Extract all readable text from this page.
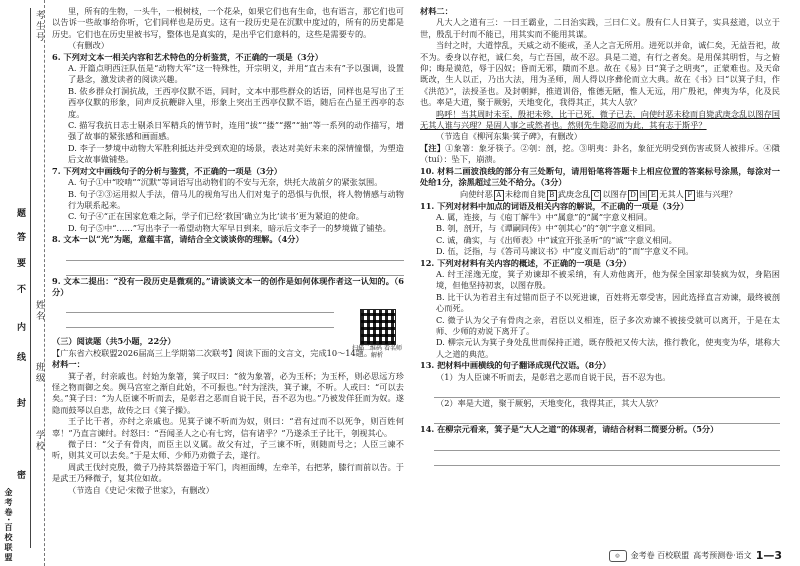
考生号
题
答
要
不
姓名
内
班级
线
封
学校
密
金考卷·百校联盟

里，所有的生物，一头牛，一根树枝，一个花朵，如果它们也有生命，也有语言，那它们也可以告诉一些故事给你听，它们同样也是历史。这有一段历史是在沉默中度过的，所有的历史都是历史。它们也在历史里被书写，整体也是真实的，是出乎它们意料的，这些是需要专的。

（有删改）

6. 下列对文本一相关内容和艺术特色的分析鉴赏，不正确的一项是（3分）

A. 开篇点明西汪队伍是“动物大军”这一特殊性，开宗明义，并用“直古未有”予以强调，设置了悬念，激发读者的阅读兴趣。

B. 依乡群众打洞抗战，王西亭仪默不语，同时，文本中那些群众的话语，同样也是写出了王西亭仪默的形象，同声反抗鞭辟入里，形象上突出王西亭仪默不语，随后在凸显王西亭的态度。

C. 描写我抗日志士剔杀日军精兵的情节时，连用“拔”“搂”“撂”“抽”等一系列的动作描写，增强了故事的紧张感和画面感。

D. 李子一梦境中动物大军胜利抵达并受到欢迎的场景，表达对美好未来的深情憧憬，为塑造后文故事做铺垫。

7. 下列对文中画线句子的分析与鉴赏，不正确的一项是（3分）

A. 句子①中“咬啃”“沉默”等词语写出动物们的不安与无奈，烘托大战前夕的紧张氛围。

B. 句子②③运用拟人手法，借马儿的视角写出人们对鬼子的恐惧与仇恨，将人物情感与动物行为联系起来。

C. 句子④“正在国家危难之际，学子们已经‘救国’确立为比‘读书’更为紧迫的使命。

D. 句子⑤中“……”写出李子一希望动物大军早日到来，暗示后文李子一的梦境做了铺垫。

8. 文本一以“光”为题，意蕴丰富，请结合全文谈谈你的理解。（4分）

9. 文本二提出：“没有一段历史是微观的。”请谈谈文本一的创作是如何体现作者这一认知的。（6分）

（三）阅读题（共5小题，22分）

【广东省六校联盟2026届高三上学期第二次联考】阅读下面的文言文，完成10～14题。

材料一：

箕子者，纣亲戚也。纣始为象箸，箕子叹曰：“彼为象箸，必为玉杯；为玉杯，则必思远方珍怪之物而御之矣。舆马宫室之渐自此始，不可振也。”纣为淫泆，箕子谏，不听。人或曰：“可以去矣。”箕子曰：“为人臣谏不听而去，是彰君之恶而自说于民，吾不忍为也。”乃被发佯狂而为奴。遂隐而鼓琴以自悲，故传之曰《箕子操》。

王子比干者，亦纣之亲戚也。见箕子谏不听而为奴，则曰：“君有过而不以死争，则百姓何辜！”乃直言谏纣。纣怒曰：“吾闻圣人之心有七窍，信有诸乎？”乃遂杀王子比干，刳视其心。

微子曰：“父子有骨肉，而臣主以义属。故父有过，子三谏不听，则随而号之；人臣三谏不听，则其义可以去矣。”于是太师、少师乃劝微子去，遂行。

周武王伐纣克殷，微子乃持其祭器造于军门，肉袒面缚，左牵羊，右把茅，膝行而前以告。于是武王乃释微子，复其位如故。

（节选自《史记·宋微子世家》，有删改）

扫描二维码 看名师解析

材料二：

凡大人之道有三：一曰王霸业，二曰治实践，三曰仁义。殷有仁人日箕子，实具兹道，以立于世，殷乱于纣而不能已，用其实而不能用其谋。

当纣之时，大道悖乱，天威之动不能戒，圣人之言无所用。进死以并命，诚仁矣，无益吾祀，故不为。委身以存祀，诚仁矣，与亡吾国，故不忍。具是二道，有行之者矣。是用保其明哲，与之俯仰；晦是谟范，辱于囚奴；昏而无邪，隤而不息。故在《易》曰“箕子之明夷”，正蒙难也。及天命既改，生人以正，乃出大法，用为圣师，周人得以序彝伦而立大典。故在《书》曰“以箕子归，作《洪范》”，法授圣也。及封朝鲜，推道训俗，惟德无陋，惟人无远，用广殷祀，俾夷为华，化及民也。率是大道，聚于厥躬，天地变化，我得其正，其大人欤？

呜呼！当其周时未至，殷祀未殄，比干已死，微子已去，向使纣恶未稔而自毙武庚念乱以图存国无其人谁与兴理？是固人事之或然者也。然则先生隐忍而为此，其有志于斯乎？

（节选自《柳河东集·箕子碑》，有删改）

【注】①象箸：象牙筷子。②刳：剖，挖。③明夷：卦名，象征光明受到伤害或贤人被排斥。④隤（tuí）：坠下，崩溃。

10. 材料二画波浪线的部分有三处断句，请用铅笔将答题卡上相应位置的答案标号涂黑，每涂对一处给1分，涂黑超过三处不给分。（3分）

向使纣恶 A 未稔而自毙 B 武庚念乱 C 以图存 D 国 E 无其人 F 谁与兴理？

11. 下列对材料中加点的词语及相关内容的解说，不正确的一项是（3分）

A. 属，连接，与《庖丁解牛》中“属意”的“属”字意义相同。

B. 刳，剖开，与《谭嗣同传》中“刳其心”的“刳”字意义相同。

C. 诚，确实，与《出师表》中“诚宜开张圣听”的“诚”字意义相同。

D. 伍，泛指，与《答司马谏议书》中“度义而后动”的“而”字意义不同。

12. 下列对材料有关内容的概述，不正确的一项是（3分）

A. 纣王淫逸无度，箕子劝谏却不被采纳，有人劝他离开，他为保全国家却装疯为奴，身陷困境，但他坚持初衷，以图存殷。

B. 比干认为若君主有过错而臣子不以死进谏，百姓将无辜受害，因此选择直言劝谏，最终被剖心而死。

C. 微子认为父子有骨肉之亲，君臣以义相连，臣子多次劝谏不被接受就可以离开，于是在太师、少师的劝说下离开了。

D. 柳宗元认为箕子身处乱世而保持正道，既存殷祀又传大法，推行教化，使夷变为华，堪称大人之道的典范。

13. 把材料中画横线的句子翻译成现代汉语。（8分）

（1）为人臣谏不听而去，是彰君之恶而自说于民，吾不忍为也。

（2）率是大道，聚于厥躬，天地变化，我得其正，其大人欤？

14. 在柳宗元看来，箕子是“大人之道”的体现者，请结合材料二简要分析。（5分）

◎	金考卷 百校联盟 高考预测卷·语文 1—3
